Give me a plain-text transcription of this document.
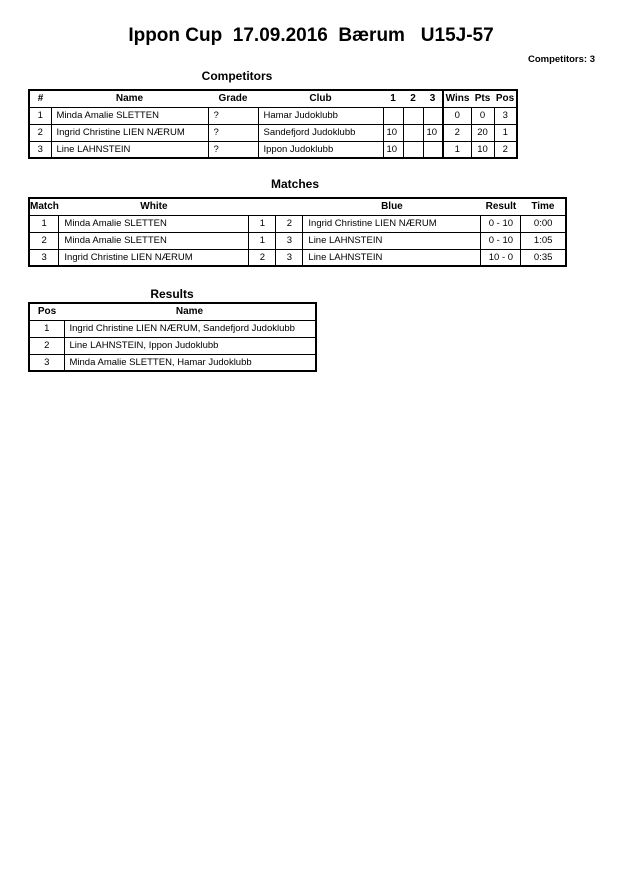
Ippon Cup  17.09.2016  Bærum   U15J-57
Competitors: 3
Competitors
#	Name	Grade	Club	1	2	3	Wins	Pts	Pos
1	Minda Amalie SLETTEN	?	Hamar Judoklubb				0	0	3
2	Ingrid Christine LIEN NÆRUM	?	Sandefjord Judoklubb	10		10	2	20	1
3	Line LAHNSTEIN	?	Ippon Judoklubb	10			1	10	2
Matches
Match	White			Blue	Result	Time
1	Minda Amalie SLETTEN	1	2	Ingrid Christine LIEN NÆRUM	0 - 10	0:00
2	Minda Amalie SLETTEN	1	3	Line LAHNSTEIN	0 - 10	1:05
3	Ingrid Christine LIEN NÆRUM	2	3	Line LAHNSTEIN	10 - 0	0:35
Results
Pos	Name
1	Ingrid Christine LIEN NÆRUM, Sandefjord Judoklubb
2	Line LAHNSTEIN, Ippon Judoklubb
3	Minda Amalie SLETTEN, Hamar Judoklubb
